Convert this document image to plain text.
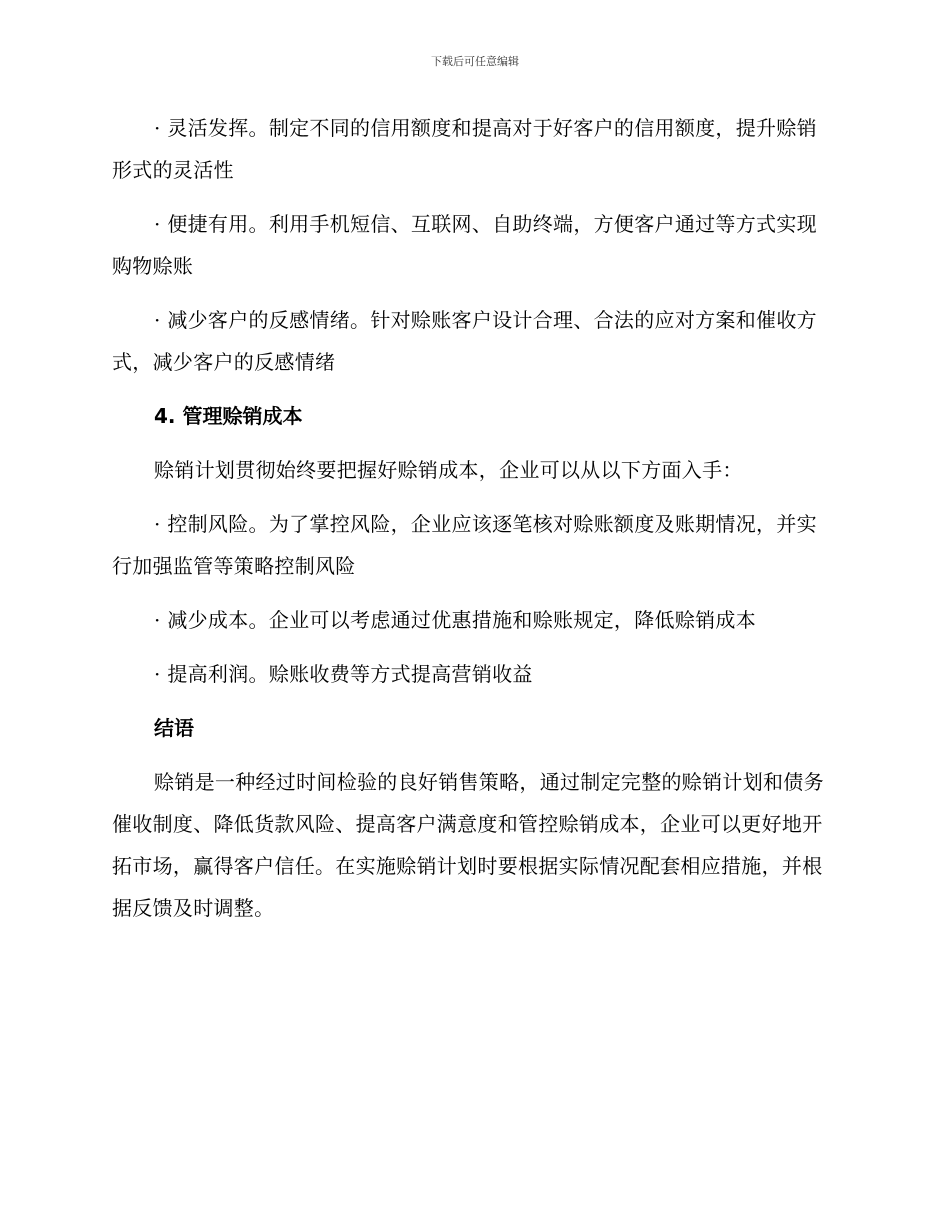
下载后可任意编辑

· 灵活发挥。制定不同的信用额度和提高对于好客户的信用额度，提升赊销形式的灵活性

· 便捷有用。利用手机短信、互联网、自助终端，方便客户通过等方式实现购物赊账

· 减少客户的反感情绪。针对赊账客户设计合理、合法的应对方案和催收方式，减少客户的反感情绪

4. 管理赊销成本

赊销计划贯彻始终要把握好赊销成本，企业可以从以下方面入手：

· 控制风险。为了掌控风险，企业应该逐笔核对赊账额度及账期情况，并实行加强监管等策略控制风险

· 减少成本。企业可以考虑通过优惠措施和赊账规定，降低赊销成本

· 提高利润。赊账收费等方式提高营销收益

结语

赊销是一种经过时间检验的良好销售策略，通过制定完整的赊销计划和债务催收制度、降低货款风险、提高客户满意度和管控赊销成本，企业可以更好地开拓市场，赢得客户信任。在实施赊销计划时要根据实际情况配套相应措施，并根据反馈及时调整。
